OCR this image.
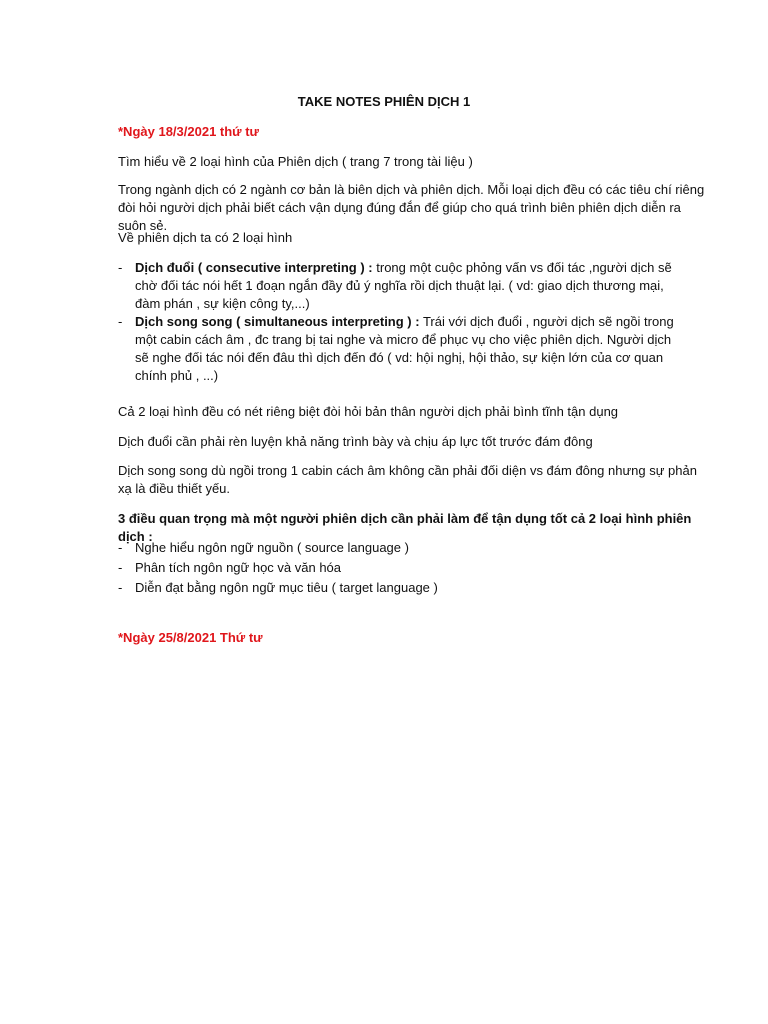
TAKE NOTES PHIÊN DỊCH 1

*Ngày 18/3/2021 thứ tư

Tìm hiểu về 2 loại hình của Phiên dịch ( trang 7 trong tài liệu )

Trong ngành dịch có 2 ngành cơ bản là biên dịch và phiên dịch. Mỗi loại dịch đều có các tiêu chí riêng đòi hỏi người dịch phải biết cách vận dụng đúng đắn để giúp cho quá trình biên phiên dịch diễn ra suôn sẻ.

Về phiên dịch ta có 2 loại hình

- Dịch đuổi ( consecutive interpreting ) : trong một cuộc phỏng vấn vs đối tác ,người dịch sẽ chờ đối tác nói hết 1 đoạn ngắn đầy đủ ý nghĩa rồi dịch thuật lại. ( vd: giao dịch thương mại, đàm phán , sự kiện công ty,...)
- Dịch song song ( simultaneous interpreting ) : Trái với dịch đuổi , người dịch sẽ ngồi trong một cabin cách âm , đc trang bị tai nghe và micro để phục vụ cho việc phiên dịch. Người dịch sẽ nghe đối tác nói đến đâu thì dịch đến đó ( vd: hội nghị, hội thảo, sự kiện lớn của cơ quan chính phủ , ...)

Cả 2 loại hình đều có nét riêng biệt đòi hỏi bản thân người dịch phải bình tĩnh tận dụng

Dịch đuổi cần phải rèn luyện khả năng trình bày và chịu áp lực tốt trước đám đông

Dịch song song dù ngồi trong 1 cabin cách âm không cần phải đối diện vs đám đông nhưng sự phản xạ là điều thiết yếu.

3 điều quan trọng mà một người phiên dịch cần phải làm để tận dụng tốt cả 2 loại hình phiên dịch :

- Nghe hiểu ngôn ngữ nguồn ( source language )
- Phân tích ngôn ngữ học và văn hóa
- Diễn đạt bằng ngôn ngữ mục tiêu ( target language )

*Ngày 25/8/2021 Thứ tư
